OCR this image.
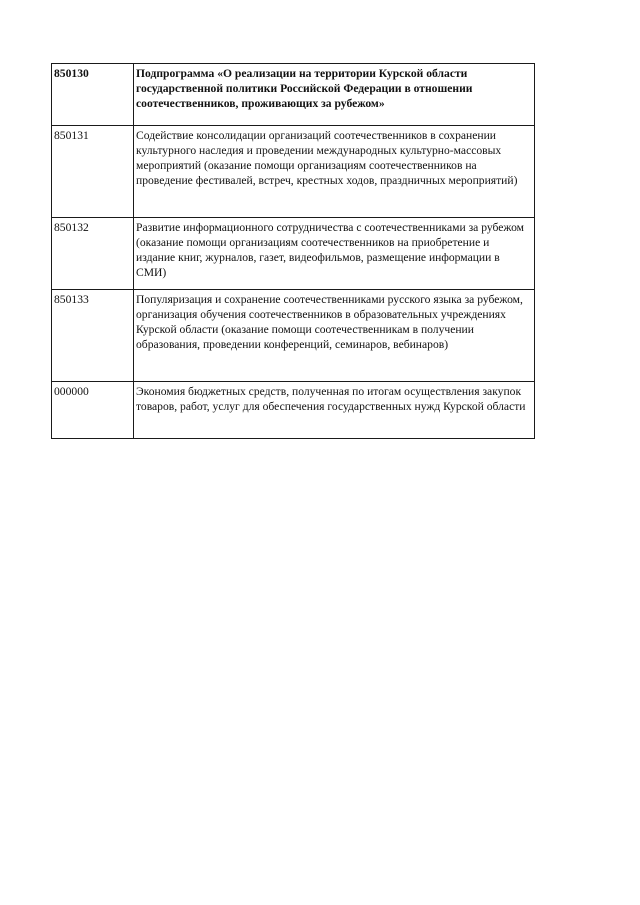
850130	Подпрограмма «О реализации на территории Курской области государственной политики Российской Федерации в отношении соотечественников, проживающих за рубежом»
850131	Содействие консолидации организаций соотечественников в сохранении культурного наследия и проведении международных культурно-массовых мероприятий (оказание помощи организациям соотечественников на проведение фестивалей, встреч, крестных ходов, праздничных мероприятий)
850132	Развитие информационного сотрудничества с соотечественниками за рубежом (оказание помощи организациям соотечественников на приобретение и издание книг, журналов, газет, видеофильмов, размещение информации в СМИ)
850133	Популяризация и сохранение соотечественниками русского языка за рубежом, организация обучения соотечественников в образовательных учреждениях Курской области (оказание помощи соотечественникам в получении образования, проведении конференций, семинаров, вебинаров)
000000	Экономия бюджетных средств, полученная по итогам осуществления закупок товаров, работ, услуг для обеспечения государственных нужд Курской области
